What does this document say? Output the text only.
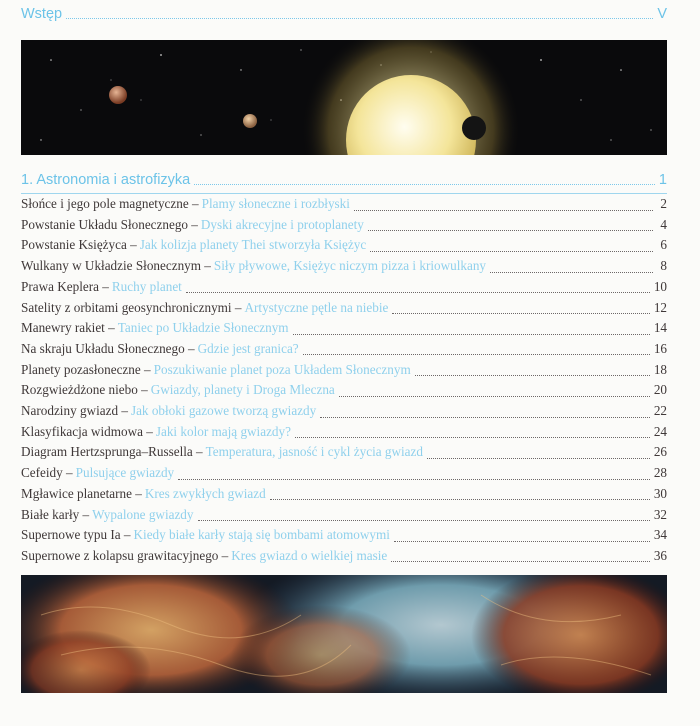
Wstęp	V
1. Astronomia i astrofizyka	1
Słońce i jego pole magnetyczne – Plamy słoneczne i rozbłyski	2
Powstanie Układu Słonecznego – Dyski akrecyjne i protoplanety	4
Powstanie Księżyca – Jak kolizja planety Thei stworzyła Księżyc	6
Wulkany w Układzie Słonecznym – Siły pływowe, Księżyc niczym pizza i kriowulkany	8
Prawa Keplera – Ruchy planet	10
Satelity z orbitami geosynchronicznymi – Artystyczne pętle na niebie	12
Manewry rakiet – Taniec po Układzie Słonecznym	14
Na skraju Układu Słonecznego – Gdzie jest granica?	16
Planety pozasłoneczne – Poszukiwanie planet poza Układem Słonecznym	18
Rozgwieżdżone niebo – Gwiazdy, planety i Droga Mleczna	20
Narodziny gwiazd – Jak obłoki gazowe tworzą gwiazdy	22
Klasyfikacja widmowa – Jaki kolor mają gwiazdy?	24
Diagram Hertzsprunga–Russella – Temperatura, jasność i cykl życia gwiazd	26
Cefeidy – Pulsujące gwiazdy	28
Mgławice planetarne – Kres zwykłych gwiazd	30
Białe karły – Wypalone gwiazdy	32
Supernowe typu Ia – Kiedy białe karły stają się bombami atomowymi	34
Supernowe z kolapsu grawitacyjnego – Kres gwiazd o wielkiej masie	36
